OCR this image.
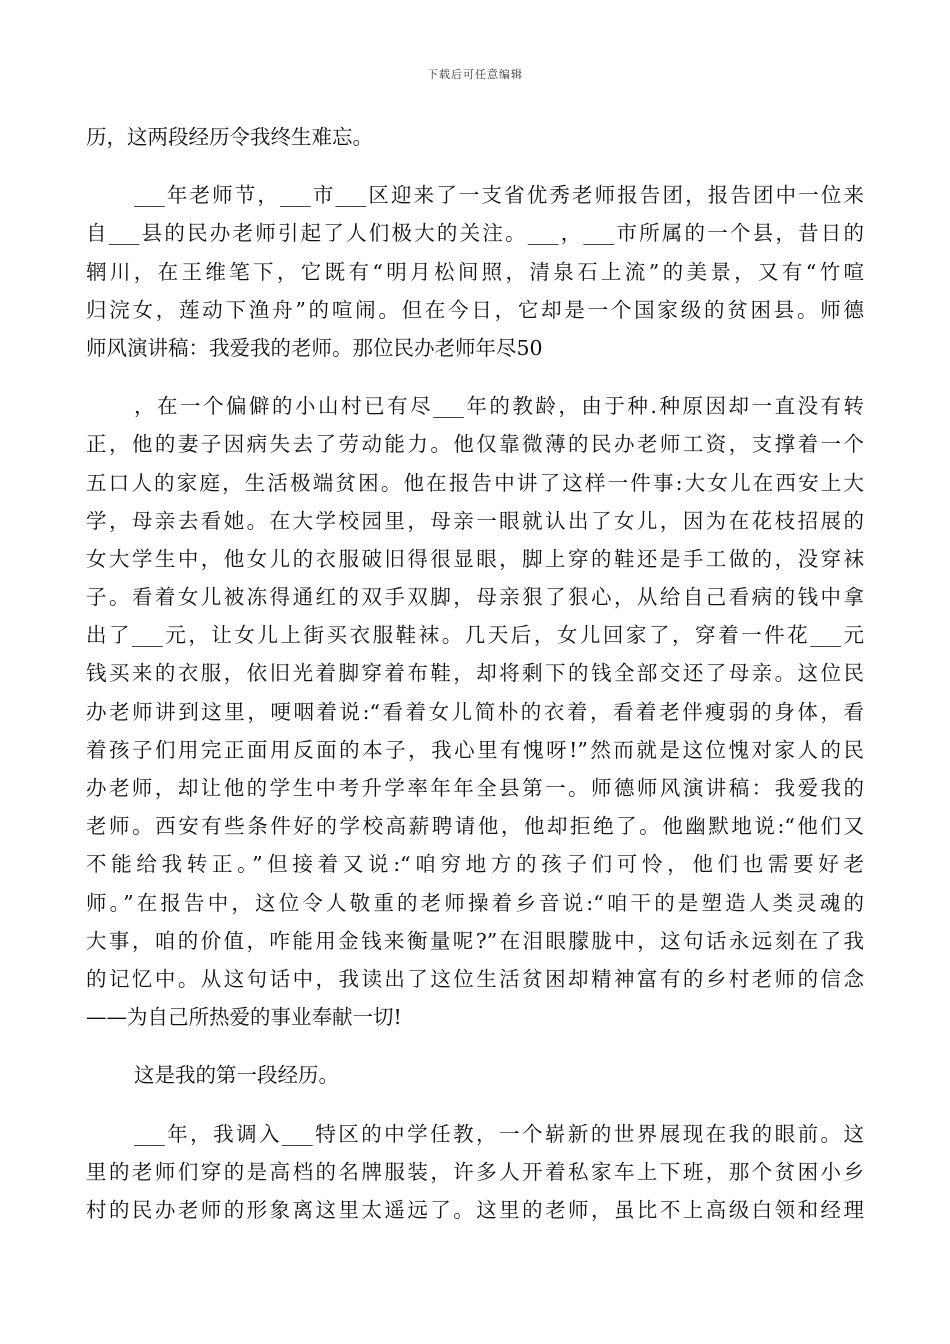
下载后可任意编辑
历，这两段经历令我终生难忘。
___年老师节，___市___区迎来了一支省优秀老师报告团，报告团中一位来
自___县的民办老师引起了人们极大的关注。___，___市所属的一个县，昔日的
辋川，在王维笔下，它既有“明月松间照，清泉石上流”的美景，又有“竹喧
归浣女，莲动下渔舟”的喧闹。但在今日，它却是一个国家级的贫困县。师德
师风演讲稿：我爱我的老师。那位民办老师年尽50
，在一个偏僻的小山村已有尽___年的教龄，由于种.种原因却一直没有转
正，他的妻子因病失去了劳动能力。他仅靠微薄的民办老师工资，支撑着一个
五口人的家庭，生活极端贫困。他在报告中讲了这样一件事:大女儿在西安上大
学，母亲去看她。在大学校园里，母亲一眼就认出了女儿，因为在花枝招展的
女大学生中，他女儿的衣服破旧得很显眼，脚上穿的鞋还是手工做的，没穿袜
子。看着女儿被冻得通红的双手双脚，母亲狠了狠心，从给自己看病的钱中拿
出了___元，让女儿上街买衣服鞋袜。几天后，女儿回家了，穿着一件花___元
钱买来的衣服，依旧光着脚穿着布鞋，却将剩下的钱全部交还了母亲。这位民
办老师讲到这里，哽咽着说:“看着女儿简朴的衣着，看着老伴瘦弱的身体，看
着孩子们用完正面用反面的本子，我心里有愧呀!”然而就是这位愧对家人的民
办老师，却让他的学生中考升学率年年全县第一。师德师风演讲稿：我爱我的
老师。西安有些条件好的学校高薪聘请他，他却拒绝了。他幽默地说:“他们又
不能给我转正。”但接着又说:“咱穷地方的孩子们可怜，他们也需要好老
师。”在报告中，这位令人敬重的老师操着乡音说:“咱干的是塑造人类灵魂的
大事，咱的价值，咋能用金钱来衡量呢?”在泪眼朦胧中，这句话永远刻在了我
的记忆中。从这句话中，我读出了这位生活贫困却精神富有的乡村老师的信念
——为自己所热爱的事业奉献一切!
这是我的第一段经历。
___年，我调入___特区的中学任教，一个崭新的世界展现在我的眼前。这
里的老师们穿的是高档的名牌服装，许多人开着私家车上下班，那个贫困小乡
村的民办老师的形象离这里太遥远了。这里的老师，虽比不上高级白领和经理
